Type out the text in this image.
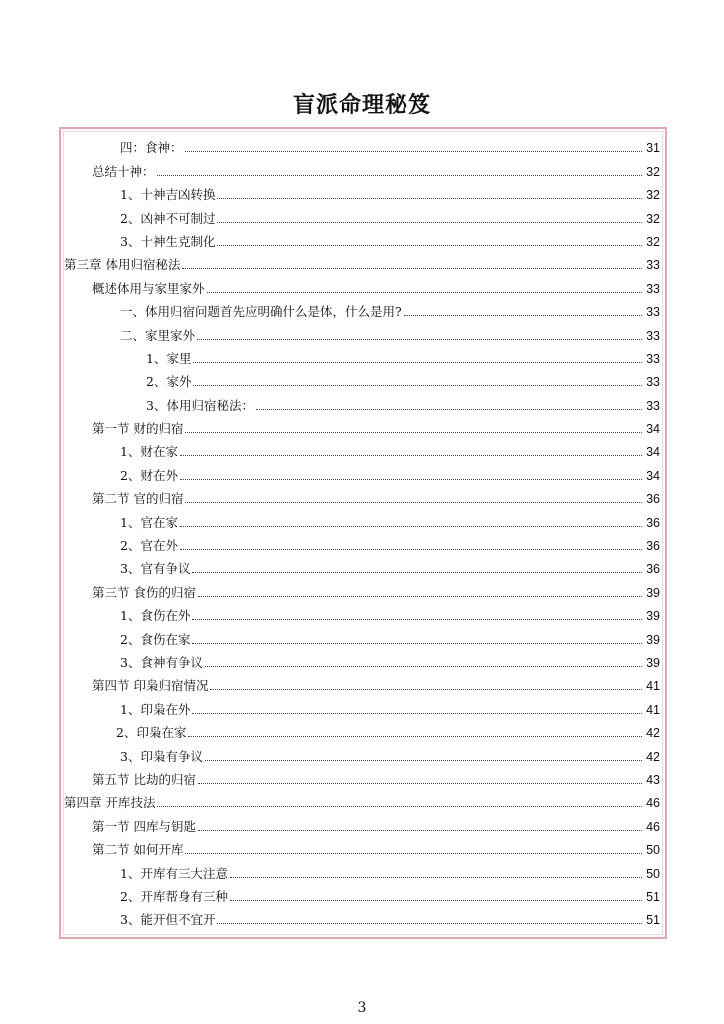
盲派命理秘笈
四：食神：	31
总结十神：	32
1、十神吉凶转换	32
2、凶神不可制过	32
3、十神生克制化	32
第三章 体用归宿秘法	33
概述体用与家里家外	33
一、体用归宿问题首先应明确什么是体，什么是用?	33
二、家里家外	33
1、家里	33
2、家外	33
3、体用归宿秘法：	33
第一节 财的归宿	34
1、财在家	34
2、财在外	34
第二节 官的归宿	36
1、官在家	36
2、官在外	36
3、官有争议	36
第三节 食伤的归宿	39
1、食伤在外	39
2、食伤在家	39
3、食神有争议	39
第四节 印枭归宿情况	41
1、印枭在外	41
2、印枭在家	42
3、印枭有争议	42
第五节 比劫的归宿	43
第四章 开库技法	46
第一节 四库与钥匙	46
第二节 如何开库	50
1、开库有三大注意	50
2、开库帮身有三种	51
3、能开但不宜开	51
3
